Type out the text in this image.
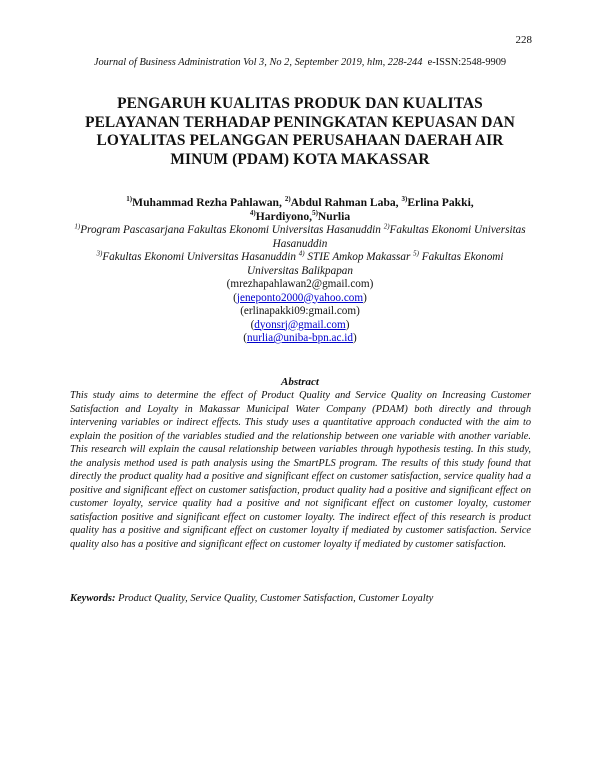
228
Journal of Business Administration Vol 3, No 2, September 2019, hlm, 228-244 e-ISSN:2548-9909
PENGARUH KUALITAS PRODUK DAN KUALITAS
PELAYANAN TERHADAP PENINGKATAN KEPUASAN DAN
LOYALITAS PELANGGAN PERUSAHAAN DAERAH AIR
MINUM (PDAM) KOTA MAKASSAR
$^{1)}$Muhammad Rezha Pahlawan, $^{2)}$Abdul Rahman Laba, $^{3)}$Erlina Pakki,
$^{4)}$Hardiyono,$^{5)}$Nurlia
$^{1)}$Program Pascasarjana Fakultas Ekonomi Universitas Hasanuddin $^{2)}$Fakultas Ekonomi Universitas Hasanuddin
$^{3)}$Fakultas Ekonomi Universitas Hasanuddin $^{4)}$ STIE Amkop Makassar $^{5)}$ Fakultas Ekonomi Universitas Balikpapan
(mrezhapahlawan2@gmail.com)
(jeneponto2000@yahoo.com)
(erlinapakki09:gmail.com)
(dyonsrj@gmail.com)
(nurlia@uniba-bpn.ac.id)
Abstract

This study aims to determine the effect of Product Quality and Service Quality on Increasing Customer Satisfaction and Loyalty in Makassar Municipal Water Company (PDAM) both directly and through intervening variables or indirect effects. This study uses a quantitative approach conducted with the aim to explain the position of the variables studied and the relationship between one variable with another variable. This research will explain the causal relationship between variables through hypothesis testing. In this study, the analysis method used is path analysis using the SmartPLS program. The results of this study found that directly the product quality had a positive and significant effect on customer satisfaction, service quality had a positive and significant effect on customer satisfaction, product quality had a positive and significant effect on customer loyalty, service quality had a positive and not significant effect on customer loyalty, customer satisfaction positive and significant effect on customer loyalty. The indirect effect of this research is product quality has a positive and significant effect on customer loyalty if mediated by customer satisfaction. Service quality also has a positive and significant effect on customer loyalty if mediated by customer satisfaction.

Keywords: Product Quality, Service Quality, Customer Satisfaction, Customer Loyalty
